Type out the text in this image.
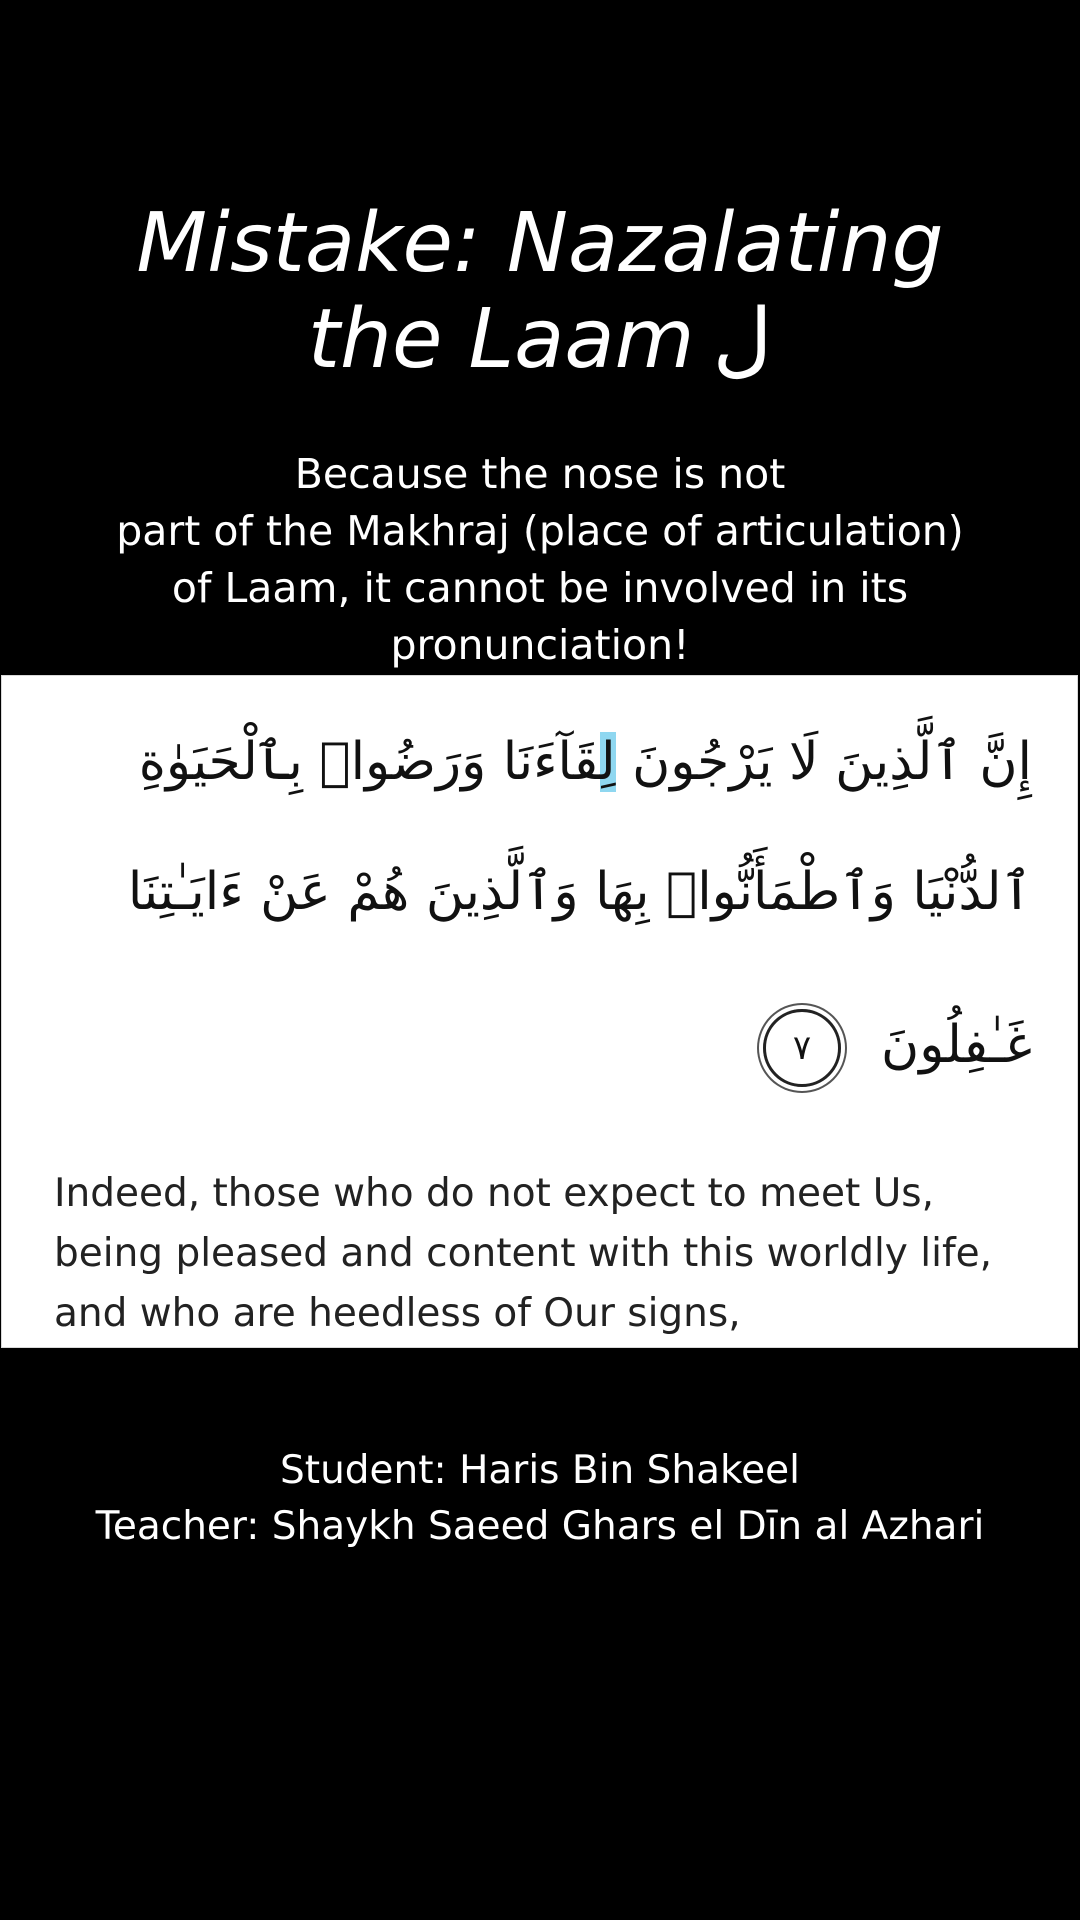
Mistake: Nazalating
the Laam ل
Because the nose is not
part of the Makhraj (place of articulation)
of Laam, it cannot be involved in its
pronunciation!
إِنَّ ٱلَّذِينَ لَا يَرْجُونَ لِقَآءَنَا وَرَضُوا۟ بِٱلْحَيَوٰةِ
ٱلدُّنْيَا وَٱطْمَأَنُّوا۟ بِهَا وَٱلَّذِينَ هُمْ عَنْ ءَايَـٰتِنَا
غَـٰفِلُونَ٧
Indeed, those who do not expect to meet Us,
being pleased and content with this worldly life,
and who are heedless of Our signs,
Student: Haris Bin Shakeel
Teacher: Shaykh Saeed Ghars el Dīn al Azhari
